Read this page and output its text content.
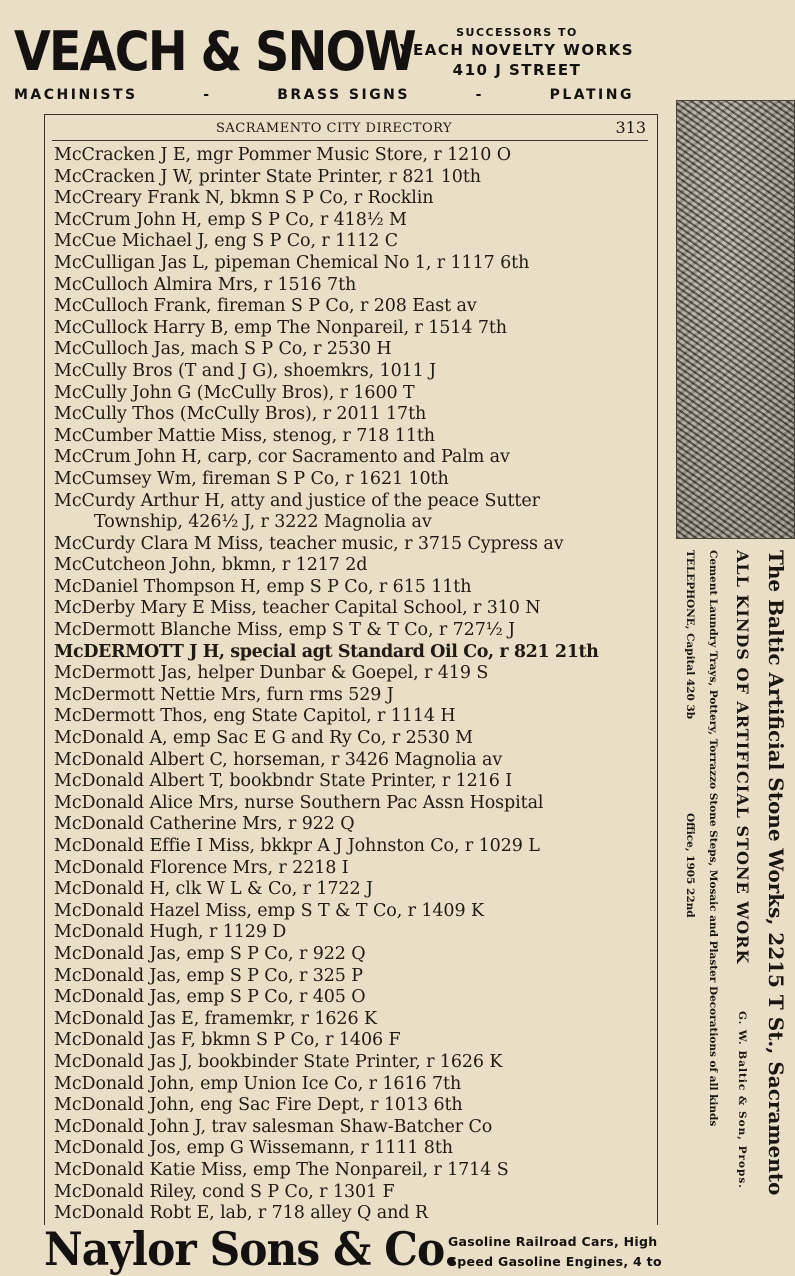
VEACH & SNOW	SUCCESSORS TO
VEACH NOVELTY WORKS
410 J STREET
MACHINISTS	-	BRASS SIGNS	-	PLATING
SACRAMENTO CITY DIRECTORY	313
McCracken J E, mgr Pommer Music Store, r 1210 O
McCracken J W, printer State Printer, r 821 10th
McCreary Frank N, bkmn S P Co, r Rocklin
McCrum John H, emp S P Co, r 418½ M
McCue Michael J, eng S P Co, r 1112 C
McCulligan Jas L, pipeman Chemical No 1, r 1117 6th
McCulloch Almira Mrs, r 1516 7th
McCulloch Frank, fireman S P Co, r 208 East av
McCullock Harry B, emp The Nonpareil, r 1514 7th
McCulloch Jas, mach S P Co, r 2530 H
McCully Bros (T and J G), shoemkrs, 1011 J
McCully John G (McCully Bros), r 1600 T
McCully Thos (McCully Bros), r 2011 17th
McCumber Mattie Miss, stenog, r 718 11th
McCrum John H, carp, cor Sacramento and Palm av
McCumsey Wm, fireman S P Co, r 1621 10th
McCurdy Arthur H, atty and justice of the peace Sutter
Township, 426½ J, r 3222 Magnolia av
McCurdy Clara M Miss, teacher music, r 3715 Cypress av
McCutcheon John, bkmn, r 1217 2d
McDaniel Thompson H, emp S P Co, r 615 11th
McDerby Mary E Miss, teacher Capital School, r 310 N
McDermott Blanche Miss, emp S T & T Co, r 727½ J
McDERMOTT J H, special agt Standard Oil Co, r 821 21th
McDermott Jas, helper Dunbar & Goepel, r 419 S
McDermott Nettie Mrs, furn rms 529 J
McDermott Thos, eng State Capitol, r 1114 H
McDonald A, emp Sac E G and Ry Co, r 2530 M
McDonald Albert C, horseman, r 3426 Magnolia av
McDonald Albert T, bookbndr State Printer, r 1216 I
McDonald Alice Mrs, nurse Southern Pac Assn Hospital
McDonald Catherine Mrs, r 922 Q
McDonald Effie I Miss, bkkpr A J Johnston Co, r 1029 L
McDonald Florence Mrs, r 2218 I
McDonald H, clk W L & Co, r 1722 J
McDonald Hazel Miss, emp S T & T Co, r 1409 K
McDonald Hugh, r 1129 D
McDonald Jas, emp S P Co, r 922 Q
McDonald Jas, emp S P Co, r 325 P
McDonald Jas, emp S P Co, r 405 O
McDonald Jas E, framemkr, r 1626 K
McDonald Jas F, bkmn S P Co, r 1406 F
McDonald Jas J, bookbinder State Printer, r 1626 K
McDonald John, emp Union Ice Co, r 1616 7th
McDonald John, eng Sac Fire Dept, r 1013 6th
McDonald John J, trav salesman Shaw-Batcher Co
McDonald Jos, emp G Wissemann, r 1111 8th
McDonald Katie Miss, emp The Nonpareil, r 1714 S
McDonald Riley, cond S P Co, r 1301 F
McDonald Robt E, lab, r 718 alley Q and R
The Baltic Artificial Stone Works, 2215 T St., Sacramento
ALL KINDS OF ARTIFICIAL STONE WORK G. W. Baltic & Son, Props.
Cement Laundry Trays, Pottery, Torrazzo Stone Steps, Mosaic and Plaster Decorations of all kinds
TELEPHONE, Capital 420 3b Office, 1905 22nd
Naylor Sons & Co.
Gasoline Railroad Cars, High
Speed Gasoline Engines, 4 to
